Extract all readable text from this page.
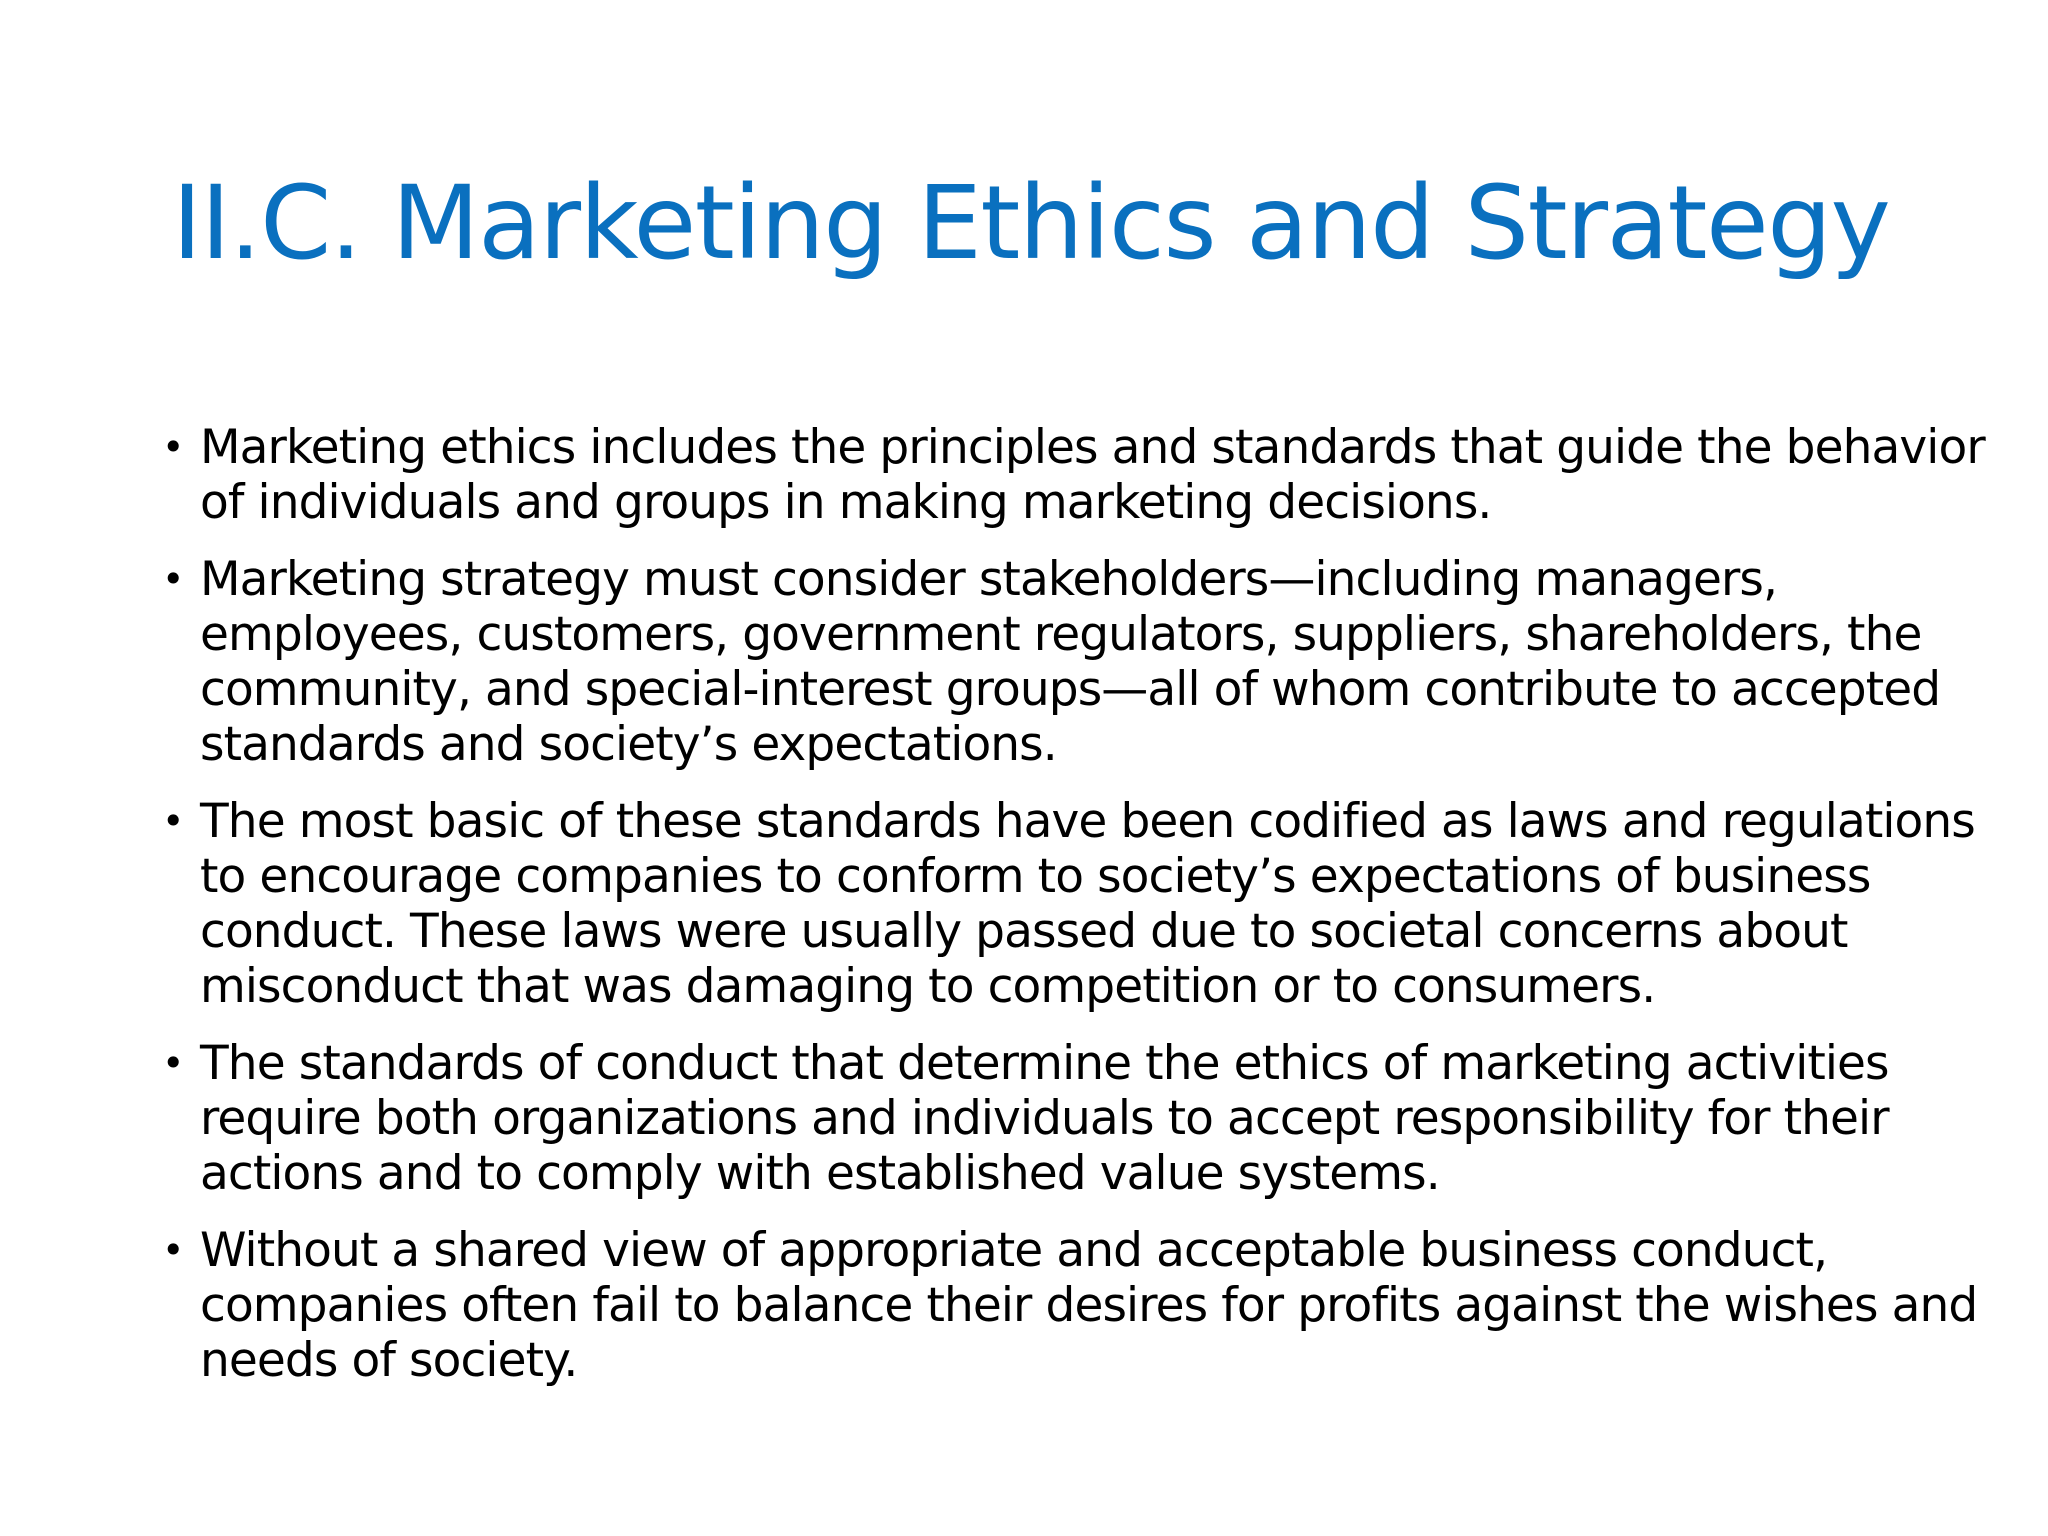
II.C. Marketing Ethics and Strategy
• Marketing ethics includes the principles and standards that guide the behavior of individuals and groups in making marketing decisions.
• Marketing strategy must consider stakeholders—including managers, employees, customers, government regulators, suppliers, shareholders, the community, and special-interest groups—all of whom contribute to accepted standards and society’s expectations.
• The most basic of these standards have been codified as laws and regulations to encourage companies to conform to society’s expectations of business conduct. These laws were usually passed due to societal concerns about misconduct that was damaging to competition or to consumers.
• The standards of conduct that determine the ethics of marketing activities require both organizations and individuals to accept responsibility for their actions and to comply with established value systems.
• Without a shared view of appropriate and acceptable business conduct, companies often fail to balance their desires for profits against the wishes and needs of society.
